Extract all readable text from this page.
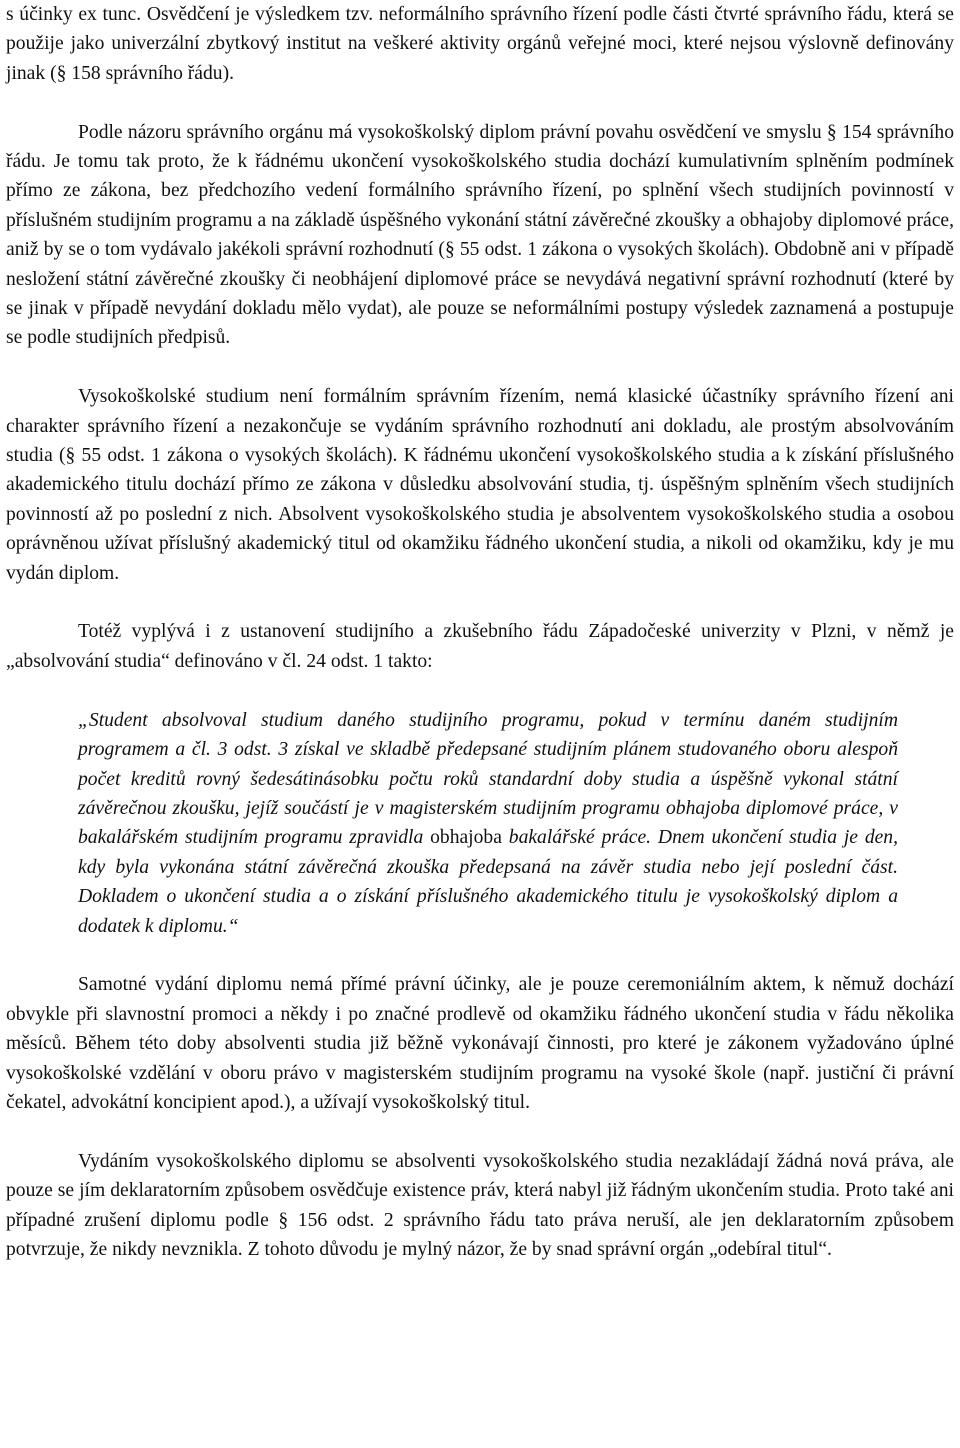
s účinky ex tunc. Osvědčení je výsledkem tzv. neformálního správního řízení podle části čtvrté správního řádu, která se použije jako univerzální zbytkový institut na veškeré aktivity orgánů veřejné moci, které nejsou výslovně definovány jinak (§ 158 správního řádu).

Podle názoru správního orgánu má vysokoškolský diplom právní povahu osvědčení ve smyslu § 154 správního řádu. Je tomu tak proto, že k řádnému ukončení vysokoškolského studia dochází kumulativním splněním podmínek přímo ze zákona, bez předchozího vedení formálního správního řízení, po splnění všech studijních povinností v příslušném studijním programu a na základě úspěšného vykonání státní závěrečné zkoušky a obhajoby diplomové práce, aniž by se o tom vydávalo jakékoli správní rozhodnutí (§ 55 odst. 1 zákona o vysokých školách). Obdobně ani v případě nesložení státní závěrečné zkoušky či neobhájení diplomové práce se nevydává negativní správní rozhodnutí (které by se jinak v případě nevydání dokladu mělo vydat), ale pouze se neformálními postupy výsledek zaznamená a postupuje se podle studijních předpisů.

Vysokoškolské studium není formálním správním řízením, nemá klasické účastníky správního řízení ani charakter správního řízení a nezakončuje se vydáním správního rozhodnutí ani dokladu, ale prostým absolvováním studia (§ 55 odst. 1 zákona o vysokých školách). K řádnému ukončení vysokoškolského studia a k získání příslušného akademického titulu dochází přímo ze zákona v důsledku absolvování studia, tj. úspěšným splněním všech studijních povinností až po poslední z nich. Absolvent vysokoškolského studia je absolventem vysokoškolského studia a osobou oprávněnou užívat příslušný akademický titul od okamžiku řádného ukončení studia, a nikoli od okamžiku, kdy je mu vydán diplom.

Totéž vyplývá i z ustanovení studijního a zkušebního řádu Západočeské univerzity v Plzni, v němž je „absolvování studia“ definováno v čl. 24 odst. 1 takto:

„Student absolvoval studium daného studijního programu, pokud v termínu daném studijním programem a čl. 3 odst. 3 získal ve skladbě předepsané studijním plánem studovaného oboru alespoň počet kreditů rovný šedesátinásobku počtu roků standardní doby studia a úspěšně vykonal státní závěrečnou zkoušku, jejíž součástí je v magisterském studijním programu obhajoba diplomové práce, v bakalářském studijním programu zpravidla obhajoba bakalářské práce. Dnem ukončení studia je den, kdy byla vykonána státní závěrečná zkouška předepsaná na závěr studia nebo její poslední část. Dokladem o ukončení studia a o získání příslušného akademického titulu je vysokoškolský diplom a dodatek k diplomu.“

Samotné vydání diplomu nemá přímé právní účinky, ale je pouze ceremoniálním aktem, k němuž dochází obvykle při slavnostní promoci a někdy i po značné prodlevě od okamžiku řádného ukončení studia v řádu několika měsíců. Během této doby absolventi studia již běžně vykonávají činnosti, pro které je zákonem vyžadováno úplné vysokoškolské vzdělání v oboru právo v magisterském studijním programu na vysoké škole (např. justiční či právní čekatel, advokátní koncipient apod.), a užívají vysokoškolský titul.

Vydáním vysokoškolského diplomu se absolventi vysokoškolského studia nezakládají žádná nová práva, ale pouze se jím deklaratorním způsobem osvědčuje existence práv, která nabyl již řádným ukončením studia. Proto také ani případné zrušení diplomu podle § 156 odst. 2 správního řádu tato práva neruší, ale jen deklaratorním způsobem potvrzuje, že nikdy nevznikla. Z tohoto důvodu je mylný názor, že by snad správní orgán „odebíral titul“.
